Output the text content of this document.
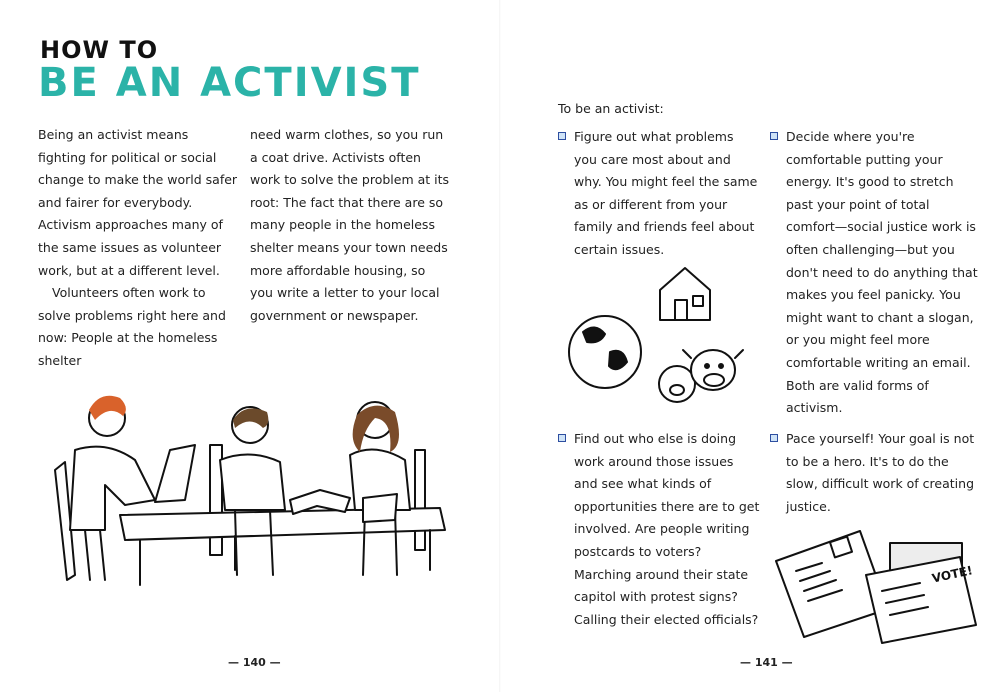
HOW TO
BE AN ACTIVIST

Being an activist means fighting for political or social change to make the world safer and fairer for everybody. Activism approaches many of the same issues as volunteer work, but at a different level.

Volunteers often work to solve problems right here and now: People at the homeless shelter

need warm clothes, so you run a coat drive. Activists often work to solve the problem at its root: The fact that there are so many people in the homeless shelter means your town needs more affordable housing, so you write a letter to your local government or newspaper.

— 140 —
To be an activist:
Figure out what problems you care most about and why. You might feel the same as or different from your family and friends feel about certain issues.
Decide where you're comfortable putting your energy. It's good to stretch past your point of total comfort—social justice work is often challenging—but you don't need to do anything that makes you feel panicky. You might want to chant a slogan, or you might feel more comfortable writing an email. Both are valid forms of activism.
Find out who else is doing work around those issues and see what kinds of opportunities there are to get involved. Are people writing postcards to voters? Marching around their state capitol with protest signs? Calling their elected officials?
Pace yourself! Your goal is not to be a hero. It's to do the slow, difficult work of creating justice.
VOTE!
— 141 —
